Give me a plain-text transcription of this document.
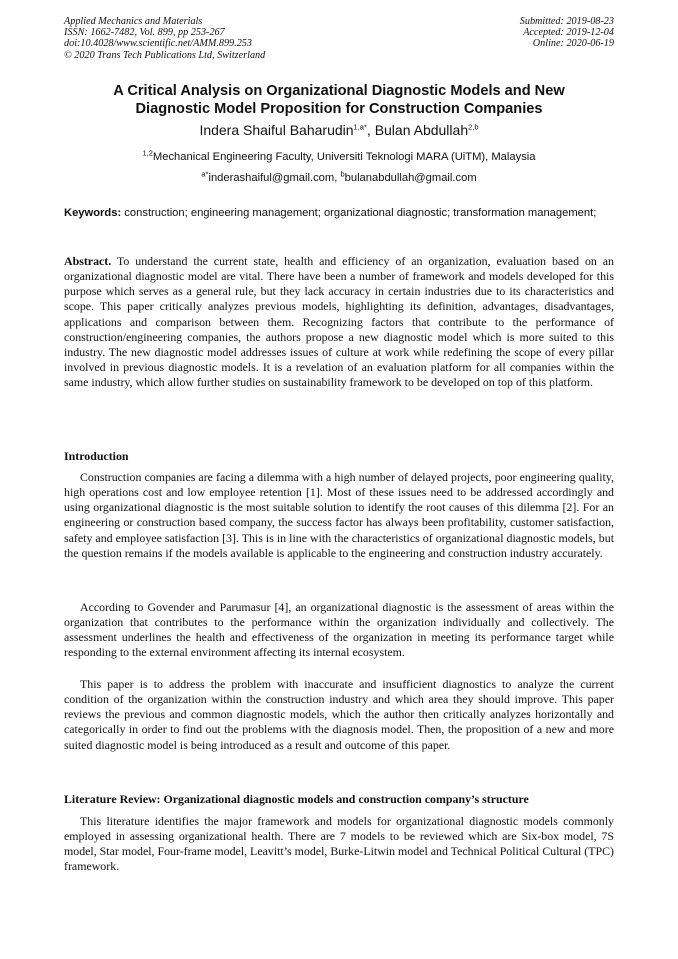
Applied Mechanics and Materials
ISSN: 1662-7482, Vol. 899, pp 253-267
doi:10.4028/www.scientific.net/AMM.899.253
© 2020 Trans Tech Publications Ltd, Switzerland
Submitted: 2019-08-23
Accepted: 2019-12-04
Online: 2020-06-19
A Critical Analysis on Organizational Diagnostic Models and New
Diagnostic Model Proposition for Construction Companies
Indera Shaiful Baharudin$^{1,a*}$, Bulan Abdullah$^{2,b}$
$^{1,2}$Mechanical Engineering Faculty, Universiti Teknologi MARA (UiTM), Malaysia
$^{a*}$inderashaiful@gmail.com, $^b$bulanabdullah@gmail.com
Keywords: construction; engineering management; organizational diagnostic; transformation management;
Abstract. To understand the current state, health and efficiency of an organization, evaluation based on an organizational diagnostic model are vital. There have been a number of framework and models developed for this purpose which serves as a general rule, but they lack accuracy in certain industries due to its characteristics and scope. This paper critically analyzes previous models, highlighting its definition, advantages, disadvantages, applications and comparison between them. Recognizing factors that contribute to the performance of construction/engineering companies, the authors propose a new diagnostic model which is more suited to this industry. The new diagnostic model addresses issues of culture at work while redefining the scope of every pillar involved in previous diagnostic models. It is a revelation of an evaluation platform for all companies within the same industry, which allow further studies on sustainability framework to be developed on top of this platform.
Introduction

Construction companies are facing a dilemma with a high number of delayed projects, poor engineering quality, high operations cost and low employee retention [1]. Most of these issues need to be addressed accordingly and using organizational diagnostic is the most suitable solution to identify the root causes of this dilemma [2]. For an engineering or construction based company, the success factor has always been profitability, customer satisfaction, safety and employee satisfaction [3]. This is in line with the characteristics of organizational diagnostic models, but the question remains if the models available is applicable to the engineering and construction industry accurately.

According to Govender and Parumasur [4], an organizational diagnostic is the assessment of areas within the organization that contributes to the performance within the organization individually and collectively. The assessment underlines the health and effectiveness of the organization in meeting its performance target while responding to the external environment affecting its internal ecosystem.

This paper is to address the problem with inaccurate and insufficient diagnostics to analyze the current condition of the organization within the construction industry and which area they should improve. This paper reviews the previous and common diagnostic models, which the author then critically analyzes horizontally and categorically in order to find out the problems with the diagnosis model. Then, the proposition of a new and more suited diagnostic model is being introduced as a result and outcome of this paper.

Literature Review: Organizational diagnostic models and construction company’s structure

This literature identifies the major framework and models for organizational diagnostic models commonly employed in assessing organizational health. There are 7 models to be reviewed which are Six-box model, 7S model, Star model, Four-frame model, Leavitt’s model, Burke-Litwin model and Technical Political Cultural (TPC) framework.
